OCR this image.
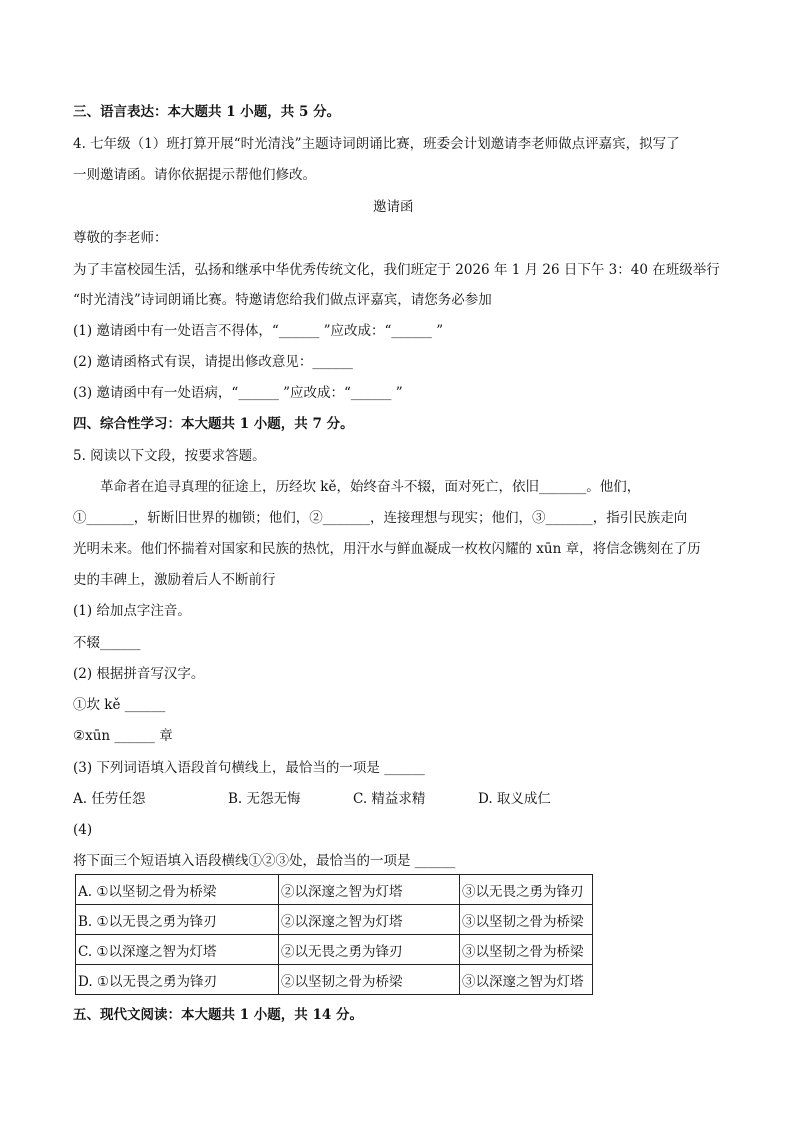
三、语言表达：本大题共 1 小题，共 5 分。
4. 七年级（1）班打算开展“时光清浅”主题诗词朗诵比赛，班委会计划邀请李老师做点评嘉宾，拟写了
一则邀请函。请你依据提示帮他们修改。
邀请函
尊敬的李老师：
为了丰富校园生活，弘扬和继承中华优秀传统文化，我们班定于 2026 年 1 月 26 日下午 3：40 在班级举行
“时光清浅”诗词朗诵比赛。特邀请您给我们做点评嘉宾，请您务必参加
(1) 邀请函中有一处语言不得体，“______ ”应改成：“______ ”
(2) 邀请函格式有误，请提出修改意见：______
(3) 邀请函中有一处语病，“______ ”应改成：“______ ”
四、综合性学习：本大题共 1 小题，共 7 分。
5. 阅读以下文段，按要求答题。
革命者在追寻真理的征途上，历经坎 kě，始终奋斗不辍，面对死亡，依旧_______。他们，
①_______，斩断旧世界的枷锁；他们，②_______，连接理想与现实；他们，③_______，指引民族走向
光明未来。他们怀揣着对国家和民族的热忱，用汗水与鲜血凝成一枚枚闪耀的 xūn 章，将信念镌刻在了历
史的丰碑上，激励着后人不断前行
(1) 给加点字注音。
不辍______
(2) 根据拼音写汉字。
①坎 kě ______
②xūn ______ 章
(3) 下列词语填入语段首句横线上，最恰当的一项是 ______
A. 任劳任怨	B. 无怨无悔	C. 精益求精	D. 取义成仁
(4)
将下面三个短语填入语段横线①②③处，最恰当的一项是 ______
A. ①以坚韧之骨为桥梁	②以深邃之智为灯塔	③以无畏之勇为锋刃
B. ①以无畏之勇为锋刃	②以深邃之智为灯塔	③以坚韧之骨为桥梁
C. ①以深邃之智为灯塔	②以无畏之勇为锋刃	③以坚韧之骨为桥梁
D. ①以无畏之勇为锋刃	②以坚韧之骨为桥梁	③以深邃之智为灯塔
五、现代文阅读：本大题共 1 小题，共 14 分。
